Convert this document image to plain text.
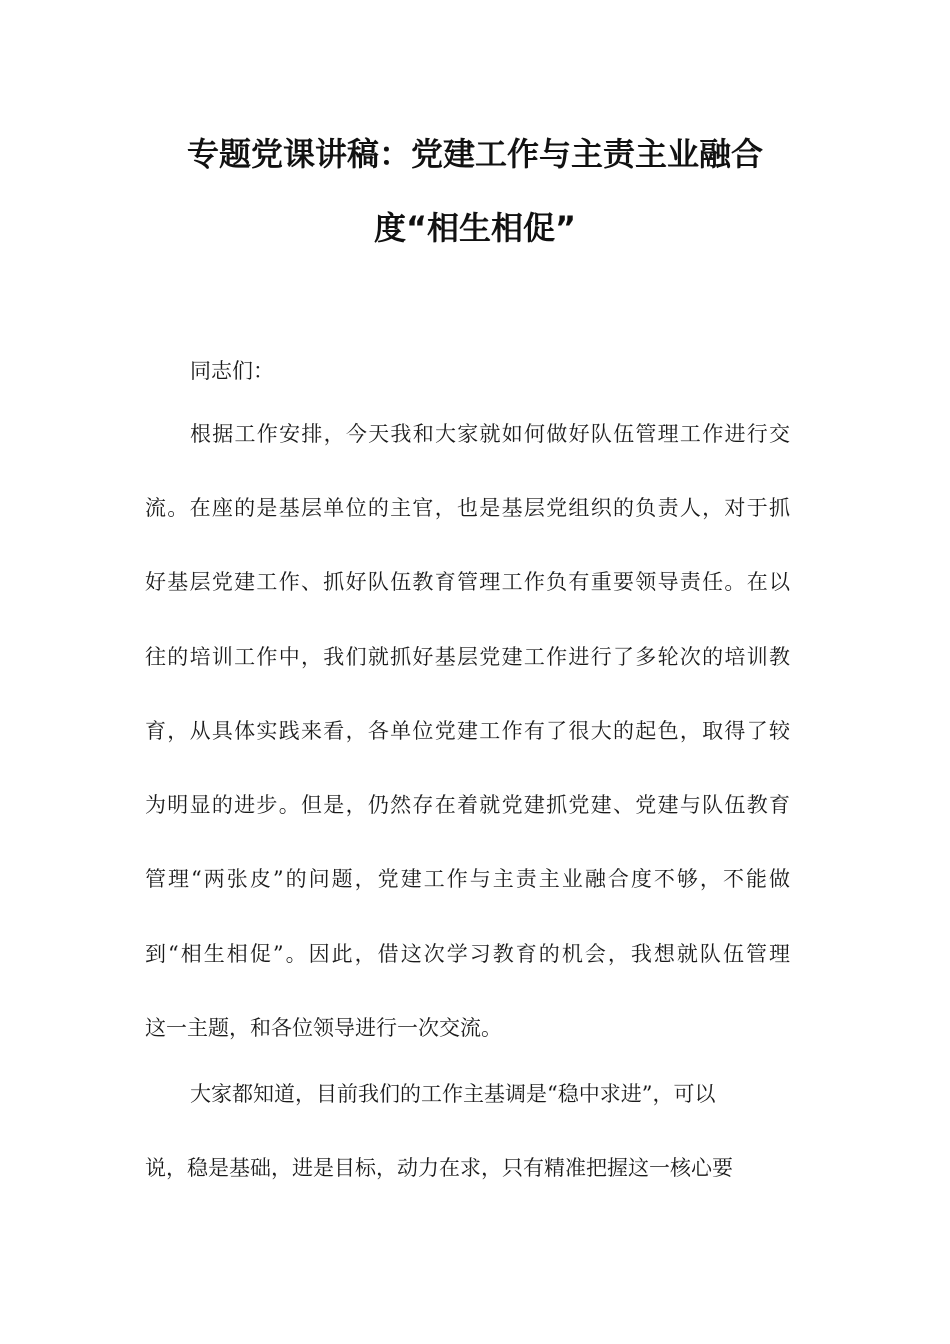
专题党课讲稿：党建工作与主责主业融合
度“相生相促”
同志们：
根据工作安排，今天我和大家就如何做好队伍管理工作进行交
流。在座的是基层单位的主官，也是基层党组织的负责人，对于抓
好基层党建工作、抓好队伍教育管理工作负有重要领导责任。在以
往的培训工作中，我们就抓好基层党建工作进行了多轮次的培训教
育，从具体实践来看，各单位党建工作有了很大的起色，取得了较
为明显的进步。但是，仍然存在着就党建抓党建、党建与队伍教育
管理“两张皮”的问题，党建工作与主责主业融合度不够，不能做
到“相生相促”。因此，借这次学习教育的机会，我想就队伍管理
这一主题，和各位领导进行一次交流。
大家都知道，目前我们的工作主基调是“稳中求进”，可以
说，稳是基础，进是目标，动力在求，只有精准把握这一核心要
